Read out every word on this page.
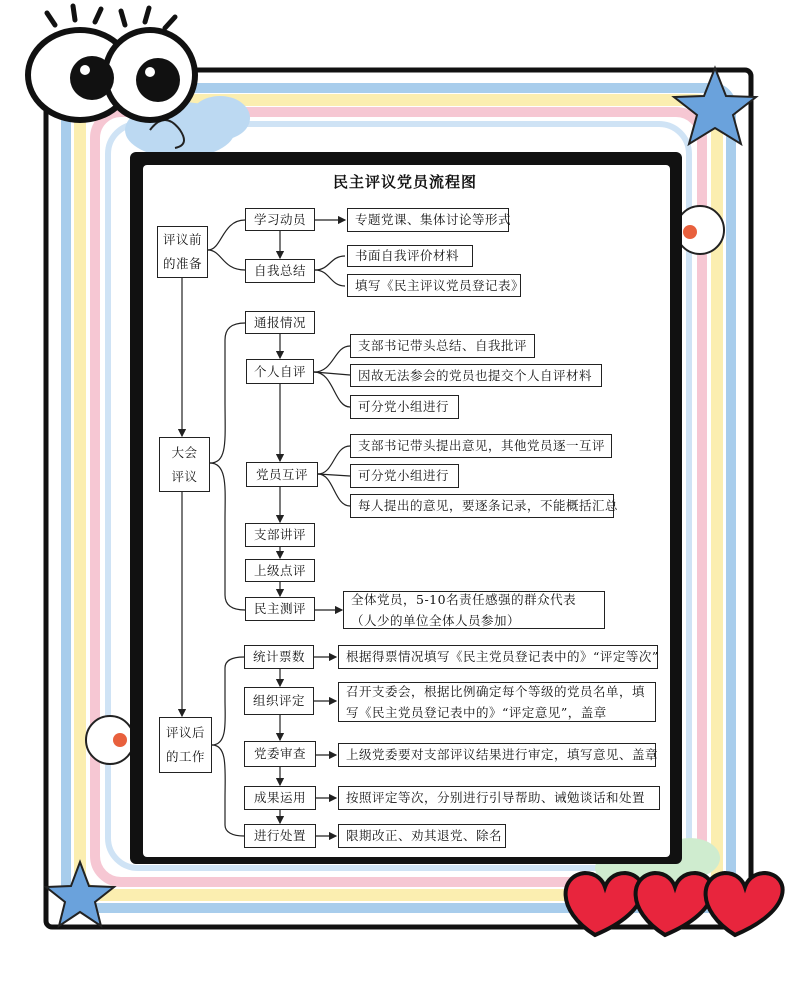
民主评议党员流程图
评议前
的准备
大会
评议
评议后
的工作
学习动员
自我总结
通报情况
个人自评
党员互评
支部讲评
上级点评
民主测评
统计票数
组织评定
党委审查
成果运用
进行处置
专题党课、集体讨论等形式
书面自我评价材料
填写《民主评议党员登记表》
支部书记带头总结、自我批评
因故无法参会的党员也提交个人自评材料
可分党小组进行
支部书记带头提出意见，其他党员逐一互评
可分党小组进行
每人提出的意见，要逐条记录，不能概括汇总
全体党员，5-10名责任感强的群众代表（人少的单位全体人员参加）
根据得票情况填写《民主党员登记表中的》“评定等次”
召开支委会，根据比例确定每个等级的党员名单，填写《民主党员登记表中的》“评定意见”，盖章
上级党委要对支部评议结果进行审定，填写意见、盖章
按照评定等次，分别进行引导帮助、诫勉谈话和处置
限期改正、劝其退党、除名
